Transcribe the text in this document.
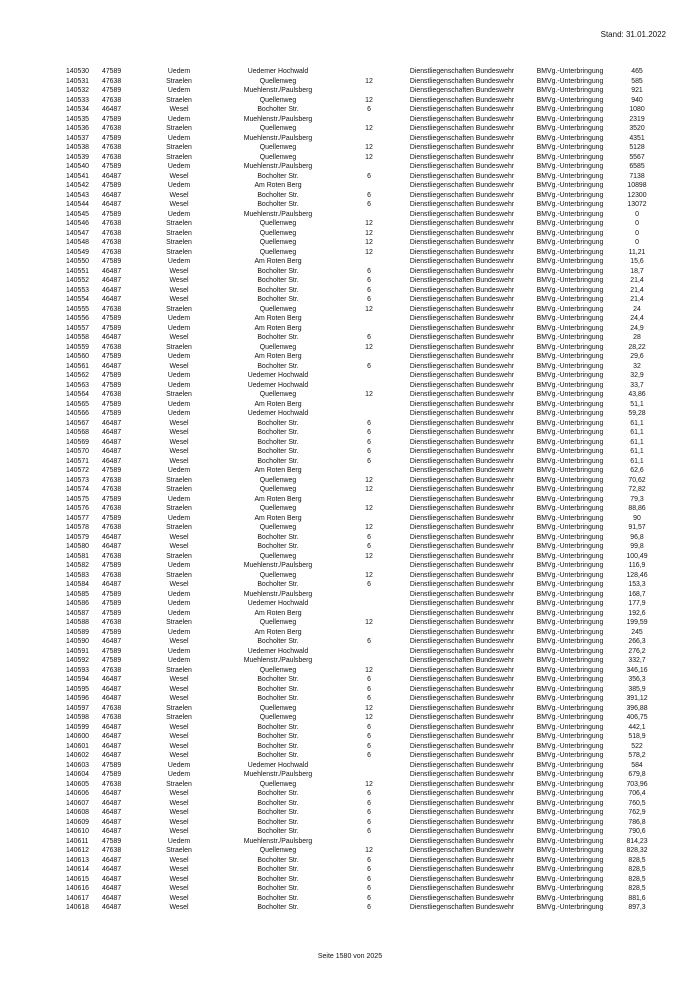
Stand: 31.01.2022
140530	47589	Uedem	Uedemer Hochwald		Dienstliegenschaften Bundeswehr	BMVg.-Unterbringung	465
140531	47638	Straelen	Quellenweg	12	Dienstliegenschaften Bundeswehr	BMVg.-Unterbringung	585
140532	47589	Uedem	Muehlenstr./Paulsberg		Dienstliegenschaften Bundeswehr	BMVg.-Unterbringung	921
140533	47638	Straelen	Quellenweg	12	Dienstliegenschaften Bundeswehr	BMVg.-Unterbringung	940
140534	46487	Wesel	Bocholter Str.	6	Dienstliegenschaften Bundeswehr	BMVg.-Unterbringung	1080
140535	47589	Uedem	Muehlenstr./Paulsberg		Dienstliegenschaften Bundeswehr	BMVg.-Unterbringung	2319
140536	47638	Straelen	Quellenweg	12	Dienstliegenschaften Bundeswehr	BMVg.-Unterbringung	3520
140537	47589	Uedem	Muehlenstr./Paulsberg		Dienstliegenschaften Bundeswehr	BMVg.-Unterbringung	4351
140538	47638	Straelen	Quellenweg	12	Dienstliegenschaften Bundeswehr	BMVg.-Unterbringung	5128
140539	47638	Straelen	Quellenweg	12	Dienstliegenschaften Bundeswehr	BMVg.-Unterbringung	5567
140540	47589	Uedem	Muehlenstr./Paulsberg		Dienstliegenschaften Bundeswehr	BMVg.-Unterbringung	6585
140541	46487	Wesel	Bocholter Str.	6	Dienstliegenschaften Bundeswehr	BMVg.-Unterbringung	7138
140542	47589	Uedem	Am Roten Berg		Dienstliegenschaften Bundeswehr	BMVg.-Unterbringung	10898
140543	46487	Wesel	Bocholter Str.	6	Dienstliegenschaften Bundeswehr	BMVg.-Unterbringung	12300
140544	46487	Wesel	Bocholter Str.	6	Dienstliegenschaften Bundeswehr	BMVg.-Unterbringung	13072
140545	47589	Uedem	Muehlenstr./Paulsberg		Dienstliegenschaften Bundeswehr	BMVg.-Unterbringung	0
140546	47638	Straelen	Quellenweg	12	Dienstliegenschaften Bundeswehr	BMVg.-Unterbringung	0
140547	47638	Straelen	Quellenweg	12	Dienstliegenschaften Bundeswehr	BMVg.-Unterbringung	0
140548	47638	Straelen	Quellenweg	12	Dienstliegenschaften Bundeswehr	BMVg.-Unterbringung	0
140549	47638	Straelen	Quellenweg	12	Dienstliegenschaften Bundeswehr	BMVg.-Unterbringung	11,21
140550	47589	Uedem	Am Roten Berg		Dienstliegenschaften Bundeswehr	BMVg.-Unterbringung	15,6
140551	46487	Wesel	Bocholter Str.	6	Dienstliegenschaften Bundeswehr	BMVg.-Unterbringung	18,7
140552	46487	Wesel	Bocholter Str.	6	Dienstliegenschaften Bundeswehr	BMVg.-Unterbringung	21,4
140553	46487	Wesel	Bocholter Str.	6	Dienstliegenschaften Bundeswehr	BMVg.-Unterbringung	21,4
140554	46487	Wesel	Bocholter Str.	6	Dienstliegenschaften Bundeswehr	BMVg.-Unterbringung	21,4
140555	47638	Straelen	Quellenweg	12	Dienstliegenschaften Bundeswehr	BMVg.-Unterbringung	24
140556	47589	Uedem	Am Roten Berg		Dienstliegenschaften Bundeswehr	BMVg.-Unterbringung	24,4
140557	47589	Uedem	Am Roten Berg		Dienstliegenschaften Bundeswehr	BMVg.-Unterbringung	24,9
140558	46487	Wesel	Bocholter Str.	6	Dienstliegenschaften Bundeswehr	BMVg.-Unterbringung	28
140559	47638	Straelen	Quellenweg	12	Dienstliegenschaften Bundeswehr	BMVg.-Unterbringung	28,22
140560	47589	Uedem	Am Roten Berg		Dienstliegenschaften Bundeswehr	BMVg.-Unterbringung	29,6
140561	46487	Wesel	Bocholter Str.	6	Dienstliegenschaften Bundeswehr	BMVg.-Unterbringung	32
140562	47589	Uedem	Uedemer Hochwald		Dienstliegenschaften Bundeswehr	BMVg.-Unterbringung	32,9
140563	47589	Uedem	Uedemer Hochwald		Dienstliegenschaften Bundeswehr	BMVg.-Unterbringung	33,7
140564	47638	Straelen	Quellenweg	12	Dienstliegenschaften Bundeswehr	BMVg.-Unterbringung	43,86
140565	47589	Uedem	Am Roten Berg		Dienstliegenschaften Bundeswehr	BMVg.-Unterbringung	51,1
140566	47589	Uedem	Uedemer Hochwald		Dienstliegenschaften Bundeswehr	BMVg.-Unterbringung	59,28
140567	46487	Wesel	Bocholter Str.	6	Dienstliegenschaften Bundeswehr	BMVg.-Unterbringung	61,1
140568	46487	Wesel	Bocholter Str.	6	Dienstliegenschaften Bundeswehr	BMVg.-Unterbringung	61,1
140569	46487	Wesel	Bocholter Str.	6	Dienstliegenschaften Bundeswehr	BMVg.-Unterbringung	61,1
140570	46487	Wesel	Bocholter Str.	6	Dienstliegenschaften Bundeswehr	BMVg.-Unterbringung	61,1
140571	46487	Wesel	Bocholter Str.	6	Dienstliegenschaften Bundeswehr	BMVg.-Unterbringung	61,1
140572	47589	Uedem	Am Roten Berg		Dienstliegenschaften Bundeswehr	BMVg.-Unterbringung	62,6
140573	47638	Straelen	Quellenweg	12	Dienstliegenschaften Bundeswehr	BMVg.-Unterbringung	70,62
140574	47638	Straelen	Quellenweg	12	Dienstliegenschaften Bundeswehr	BMVg.-Unterbringung	72,82
140575	47589	Uedem	Am Roten Berg		Dienstliegenschaften Bundeswehr	BMVg.-Unterbringung	79,3
140576	47638	Straelen	Quellenweg	12	Dienstliegenschaften Bundeswehr	BMVg.-Unterbringung	88,86
140577	47589	Uedem	Am Roten Berg		Dienstliegenschaften Bundeswehr	BMVg.-Unterbringung	90
140578	47638	Straelen	Quellenweg	12	Dienstliegenschaften Bundeswehr	BMVg.-Unterbringung	91,57
140579	46487	Wesel	Bocholter Str.	6	Dienstliegenschaften Bundeswehr	BMVg.-Unterbringung	96,8
140580	46487	Wesel	Bocholter Str.	6	Dienstliegenschaften Bundeswehr	BMVg.-Unterbringung	99,8
140581	47638	Straelen	Quellenweg	12	Dienstliegenschaften Bundeswehr	BMVg.-Unterbringung	100,49
140582	47589	Uedem	Muehlenstr./Paulsberg		Dienstliegenschaften Bundeswehr	BMVg.-Unterbringung	116,9
140583	47638	Straelen	Quellenweg	12	Dienstliegenschaften Bundeswehr	BMVg.-Unterbringung	128,46
140584	46487	Wesel	Bocholter Str.	6	Dienstliegenschaften Bundeswehr	BMVg.-Unterbringung	153,3
140585	47589	Uedem	Muehlenstr./Paulsberg		Dienstliegenschaften Bundeswehr	BMVg.-Unterbringung	168,7
140586	47589	Uedem	Uedemer Hochwald		Dienstliegenschaften Bundeswehr	BMVg.-Unterbringung	177,9
140587	47589	Uedem	Am Roten Berg		Dienstliegenschaften Bundeswehr	BMVg.-Unterbringung	192,6
140588	47638	Straelen	Quellenweg	12	Dienstliegenschaften Bundeswehr	BMVg.-Unterbringung	199,59
140589	47589	Uedem	Am Roten Berg		Dienstliegenschaften Bundeswehr	BMVg.-Unterbringung	245
140590	46487	Wesel	Bocholter Str.	6	Dienstliegenschaften Bundeswehr	BMVg.-Unterbringung	266,3
140591	47589	Uedem	Uedemer Hochwald		Dienstliegenschaften Bundeswehr	BMVg.-Unterbringung	276,2
140592	47589	Uedem	Muehlenstr./Paulsberg		Dienstliegenschaften Bundeswehr	BMVg.-Unterbringung	332,7
140593	47638	Straelen	Quellenweg	12	Dienstliegenschaften Bundeswehr	BMVg.-Unterbringung	346,16
140594	46487	Wesel	Bocholter Str.	6	Dienstliegenschaften Bundeswehr	BMVg.-Unterbringung	356,3
140595	46487	Wesel	Bocholter Str.	6	Dienstliegenschaften Bundeswehr	BMVg.-Unterbringung	385,9
140596	46487	Wesel	Bocholter Str.	6	Dienstliegenschaften Bundeswehr	BMVg.-Unterbringung	391,12
140597	47638	Straelen	Quellenweg	12	Dienstliegenschaften Bundeswehr	BMVg.-Unterbringung	396,88
140598	47638	Straelen	Quellenweg	12	Dienstliegenschaften Bundeswehr	BMVg.-Unterbringung	406,75
140599	46487	Wesel	Bocholter Str.	6	Dienstliegenschaften Bundeswehr	BMVg.-Unterbringung	442,1
140600	46487	Wesel	Bocholter Str.	6	Dienstliegenschaften Bundeswehr	BMVg.-Unterbringung	518,9
140601	46487	Wesel	Bocholter Str.	6	Dienstliegenschaften Bundeswehr	BMVg.-Unterbringung	522
140602	46487	Wesel	Bocholter Str.	6	Dienstliegenschaften Bundeswehr	BMVg.-Unterbringung	578,2
140603	47589	Uedem	Uedemer Hochwald		Dienstliegenschaften Bundeswehr	BMVg.-Unterbringung	584
140604	47589	Uedem	Muehlenstr./Paulsberg		Dienstliegenschaften Bundeswehr	BMVg.-Unterbringung	679,8
140605	47638	Straelen	Quellenweg	12	Dienstliegenschaften Bundeswehr	BMVg.-Unterbringung	703,96
140606	46487	Wesel	Bocholter Str.	6	Dienstliegenschaften Bundeswehr	BMVg.-Unterbringung	706,4
140607	46487	Wesel	Bocholter Str.	6	Dienstliegenschaften Bundeswehr	BMVg.-Unterbringung	760,5
140608	46487	Wesel	Bocholter Str.	6	Dienstliegenschaften Bundeswehr	BMVg.-Unterbringung	762,9
140609	46487	Wesel	Bocholter Str.	6	Dienstliegenschaften Bundeswehr	BMVg.-Unterbringung	786,8
140610	46487	Wesel	Bocholter Str.	6	Dienstliegenschaften Bundeswehr	BMVg.-Unterbringung	790,6
140611	47589	Uedem	Muehlenstr./Paulsberg		Dienstliegenschaften Bundeswehr	BMVg.-Unterbringung	814,23
140612	47638	Straelen	Quellenweg	12	Dienstliegenschaften Bundeswehr	BMVg.-Unterbringung	828,32
140613	46487	Wesel	Bocholter Str.	6	Dienstliegenschaften Bundeswehr	BMVg.-Unterbringung	828,5
140614	46487	Wesel	Bocholter Str.	6	Dienstliegenschaften Bundeswehr	BMVg.-Unterbringung	828,5
140615	46487	Wesel	Bocholter Str.	6	Dienstliegenschaften Bundeswehr	BMVg.-Unterbringung	828,5
140616	46487	Wesel	Bocholter Str.	6	Dienstliegenschaften Bundeswehr	BMVg.-Unterbringung	828,5
140617	46487	Wesel	Bocholter Str.	6	Dienstliegenschaften Bundeswehr	BMVg.-Unterbringung	881,6
140618	46487	Wesel	Bocholter Str.	6	Dienstliegenschaften Bundeswehr	BMVg.-Unterbringung	897,3
Seite 1580 von 2025
